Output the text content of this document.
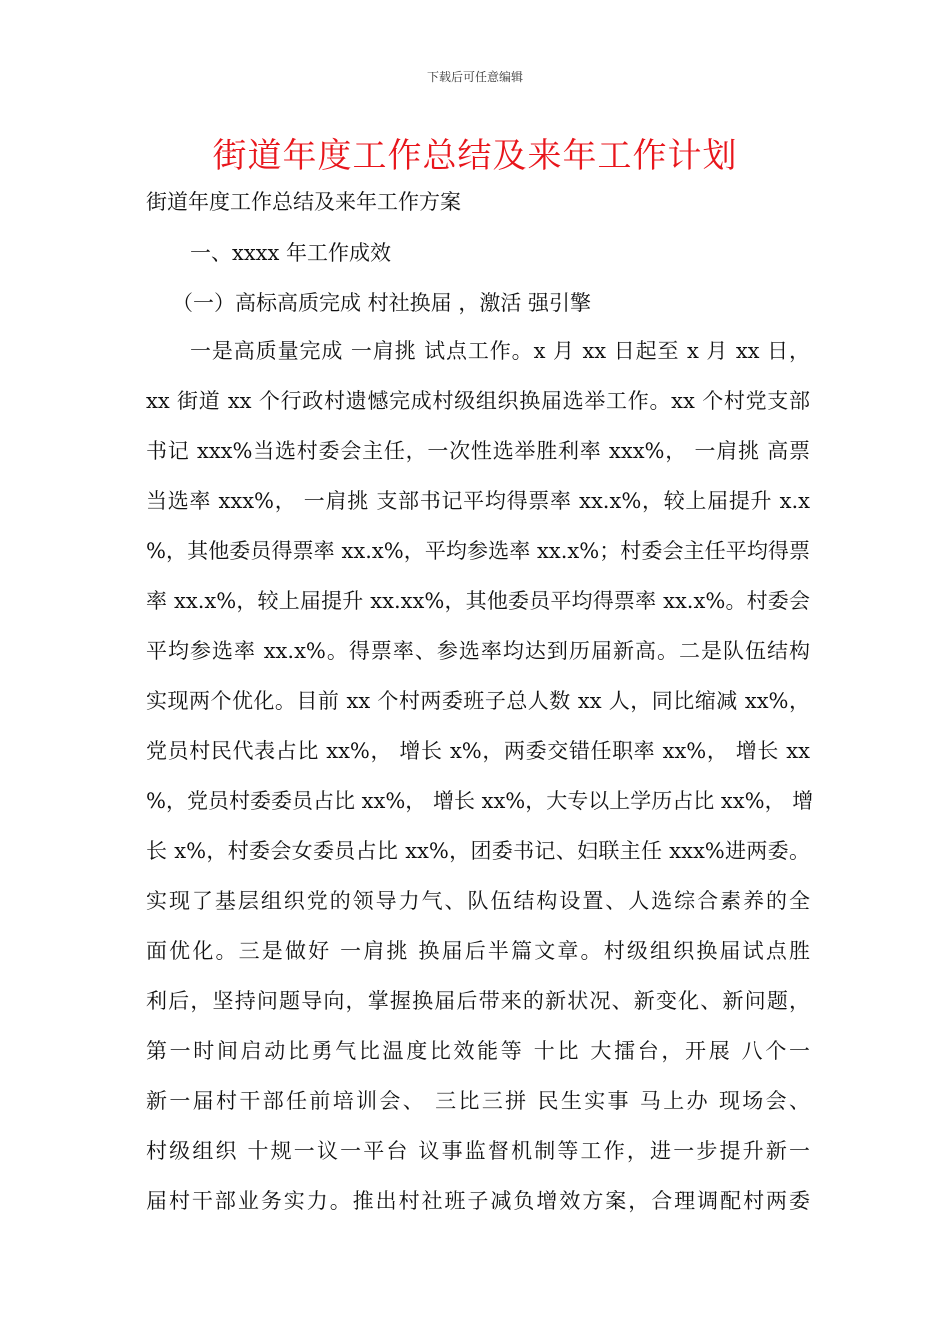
下载后可任意编辑
街道年度工作总结及来年工作计划

街道年度工作总结及来年工作方案

一、xxxx 年工作成效
（一）高标高质完成 村社换届 ，激活 强引擎
一是高质量完成 一肩挑 试点工作。x 月 xx 日起至 x 月 xx 日，
xx 街道 xx 个行政村遗憾完成村级组织换届选举工作。xx 个村党支部
书记 xxx%当选村委会主任，一次性选举胜利率 xxx%， 一肩挑 高票
当选率 xxx%， 一肩挑 支部书记平均得票率 xx.x%，较上届提升 x.x
%，其他委员得票率 xx.x%，平均参选率 xx.x%；村委会主任平均得票
率 xx.x%，较上届提升 xx.xx%，其他委员平均得票率 xx.x%。村委会
平均参选率 xx.x%。得票率、参选率均达到历届新高。二是队伍结构
实现两个优化。目前 xx 个村两委班子总人数 xx 人，同比缩减 xx%，
党员村民代表占比 xx%， 增长 x%，两委交错任职率 xx%， 增长 xx
%，党员村委委员占比 xx%， 增长 xx%，大专以上学历占比 xx%， 增
长 x%，村委会女委员占比 xx%，团委书记、妇联主任 xxx%进两委。
实现了基层组织党的领导力气、队伍结构设置、人选综合素养的全
面优化。三是做好 一肩挑 换届后半篇文章。村级组织换届试点胜
利后，坚持问题导向，掌握换届后带来的新状况、新变化、新问题，
第一时间启动比勇气比温度比效能等 十比 大擂台，开展 八个一
新一届村干部任前培训会、 三比三拼 民生实事 马上办 现场会、
村级组织 十规一议一平台 议事监督机制等工作，进一步提升新一
届村干部业务实力。推出村社班子减负增效方案，合理调配村两委
